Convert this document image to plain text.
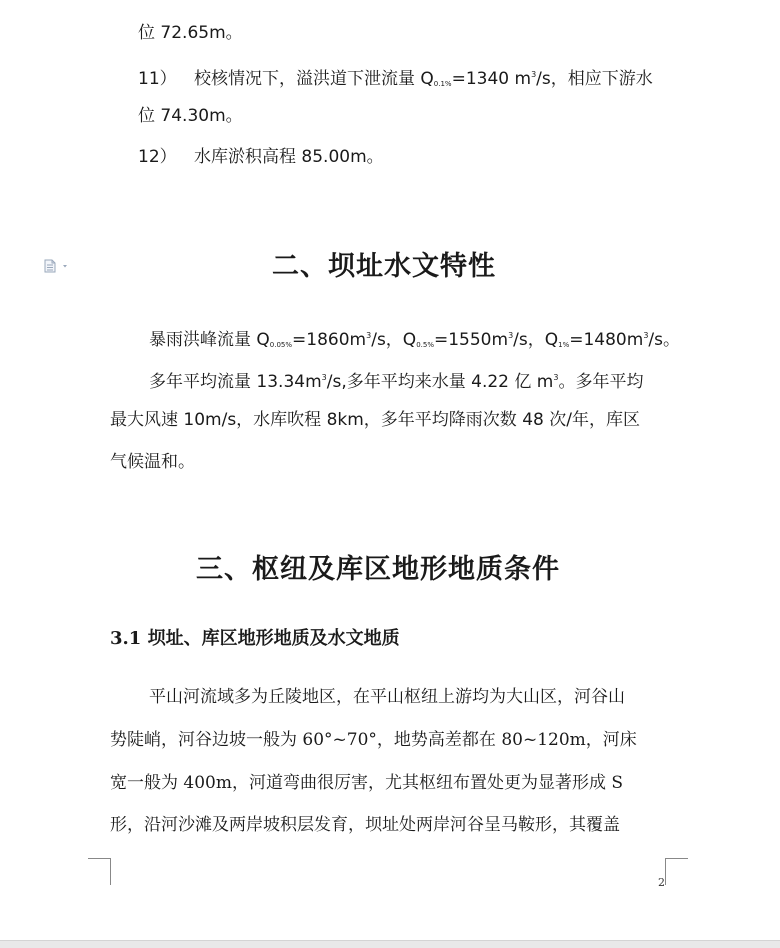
位 72.65m。
11） 校核情况下，溢洪道下泄流量 $Q_{0.1\%}=1340$ $m^3/s$，相应下游水
位 74.30m。
12） 水库淤积高程 85.00m。
二、坝址水文特性
暴雨洪峰流量 $Q_{0.05\%}=1860m^3/s$，$Q_{0.5\%}=1550m^3/s$，$Q_{1\%}=1480m^3/s$。
多年平均流量 $13.34m^3/s$,多年平均来水量 4.22 亿 $m^3$。多年平均
最大风速 10m/s，水库吹程 8km，多年平均降雨次数 48 次/年，库区
气候温和。
三、枢纽及库区地形地质条件
3.1 坝址、库区地形地质及水文地质
平山河流域多为丘陵地区，在平山枢纽上游均为大山区，河谷山
势陡峭，河谷边坡一般为 60°~70°，地势高差都在 80~120m，河床
宽一般为 400m，河道弯曲很厉害，尤其枢纽布置处更为显著形成 S
形，沿河沙滩及两岸坡积层发育，坝址处两岸河谷呈马鞍形，其覆盖
2
